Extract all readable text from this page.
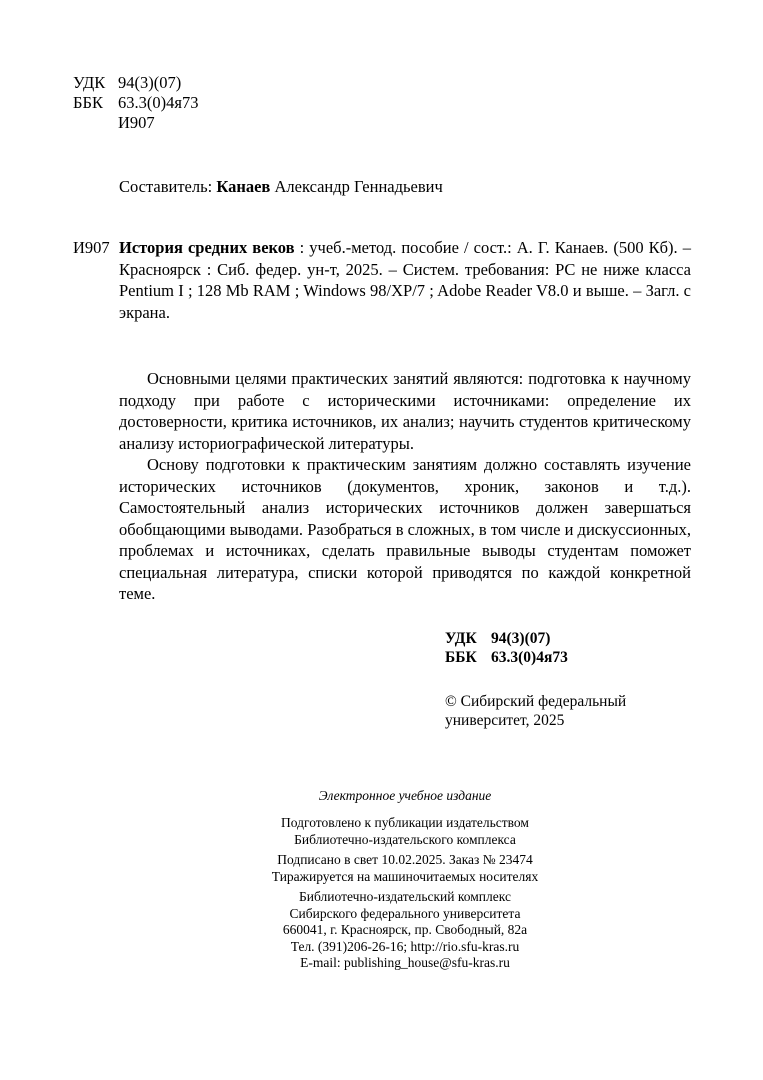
УДК 94(3)(07)
ББК 63.3(0)4я73
И907
Составитель: Канаев Александр Геннадьевич
И907 История средних веков : учеб.-метод. пособие / сост.: А. Г. Канаев. (500 Кб). – Красноярск : Сиб. федер. ун-т, 2025. – Систем. требования: PC не ниже класса Pentium I ; 128 Mb RAM ; Windows 98/XP/7 ; Adobe Reader V8.0 и выше. – Загл. с экрана.

Основными целями практических занятий являются: подготовка к научному подходу при работе с историческими источниками: определение их достоверности, критика источников, их анализ; научить студентов критическому анализу историографической литературы.

Основу подготовки к практическим занятиям должно составлять изучение исторических источников (документов, хроник, законов и т.д.). Самостоятельный анализ исторических источников должен завершаться обобщающими выводами. Разобраться в сложных, в том числе и дискуссионных, проблемах и источниках, сделать правильные выводы студентам поможет специальная литература, списки которой приводятся по каждой конкретной теме.

УДК 94(3)(07)
ББК 63.3(0)4я73
© Сибирский федеральный
университет, 2025
Электронное учебное издание
Подготовлено к публикации издательством
Библиотечно-издательского комплекса
Подписано в свет 10.02.2025. Заказ № 23474
Тиражируется на машиночитаемых носителях
Библиотечно-издательский комплекс
Сибирского федерального университета
660041, г. Красноярск, пр. Свободный, 82а
Тел. (391)206-26-16; http://rio.sfu-kras.ru
E-mail: publishing_house@sfu-kras.ru
